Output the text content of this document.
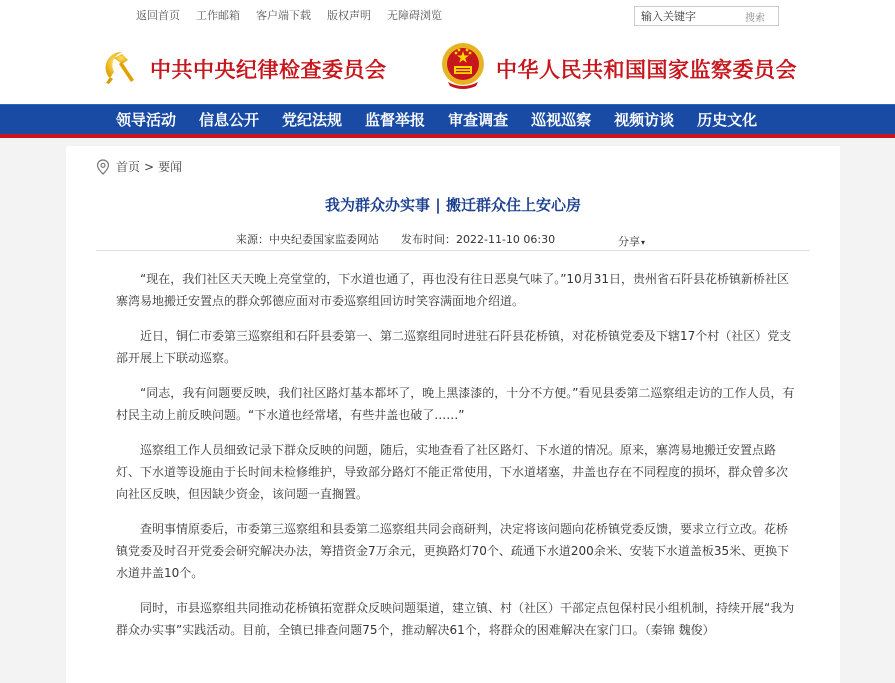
返回首页 工作邮箱 客户端下载 版权声明 无障碍浏览
输入关键字	搜索
中共中央纪律检查委员会	中华人民共和国国家监察委员会
领导活动 信息公开 党纪法规 监督举报 审查调查 巡视巡察 视频访谈 历史文化
首页 > 要闻
我为群众办实事 | 搬迁群众住上安心房
来源：中央纪委国家监委网站 发布时间：2022-11-10 06:30	分享▾

“现在，我们社区天天晚上亮堂堂的，下水道也通了，再也没有往日恶臭气味了。”10月31日，贵州省石阡县花桥镇新桥社区寨湾易地搬迁安置点的群众郭德应面对市委巡察组回访时笑容满面地介绍道。

近日，铜仁市委第三巡察组和石阡县委第一、第二巡察组同时进驻石阡县花桥镇，对花桥镇党委及下辖17个村（社区）党支部开展上下联动巡察。

“同志，我有问题要反映，我们社区路灯基本都坏了，晚上黑漆漆的，十分不方便。”看见县委第二巡察组走访的工作人员，有村民主动上前反映问题。“下水道也经常堵，有些井盖也破了……”

巡察组工作人员细致记录下群众反映的问题，随后，实地查看了社区路灯、下水道的情况。原来，寨湾易地搬迁安置点路灯、下水道等设施由于长时间未检修维护，导致部分路灯不能正常使用，下水道堵塞，井盖也存在不同程度的损坏，群众曾多次向社区反映，但因缺少资金，该问题一直搁置。

查明事情原委后，市委第三巡察组和县委第二巡察组共同会商研判，决定将该问题向花桥镇党委反馈，要求立行立改。花桥镇党委及时召开党委会研究解决办法，筹措资金7万余元，更换路灯70个、疏通下水道200余米、安装下水道盖板35米、更换下水道井盖10个。

同时，市县巡察组共同推动花桥镇拓宽群众反映问题渠道，建立镇、村（社区）干部定点包保村民小组机制，持续开展“我为群众办实事”实践活动。目前，全镇已排查问题75个，推动解决61个，将群众的困难解决在家门口。（秦锦 魏俊）
